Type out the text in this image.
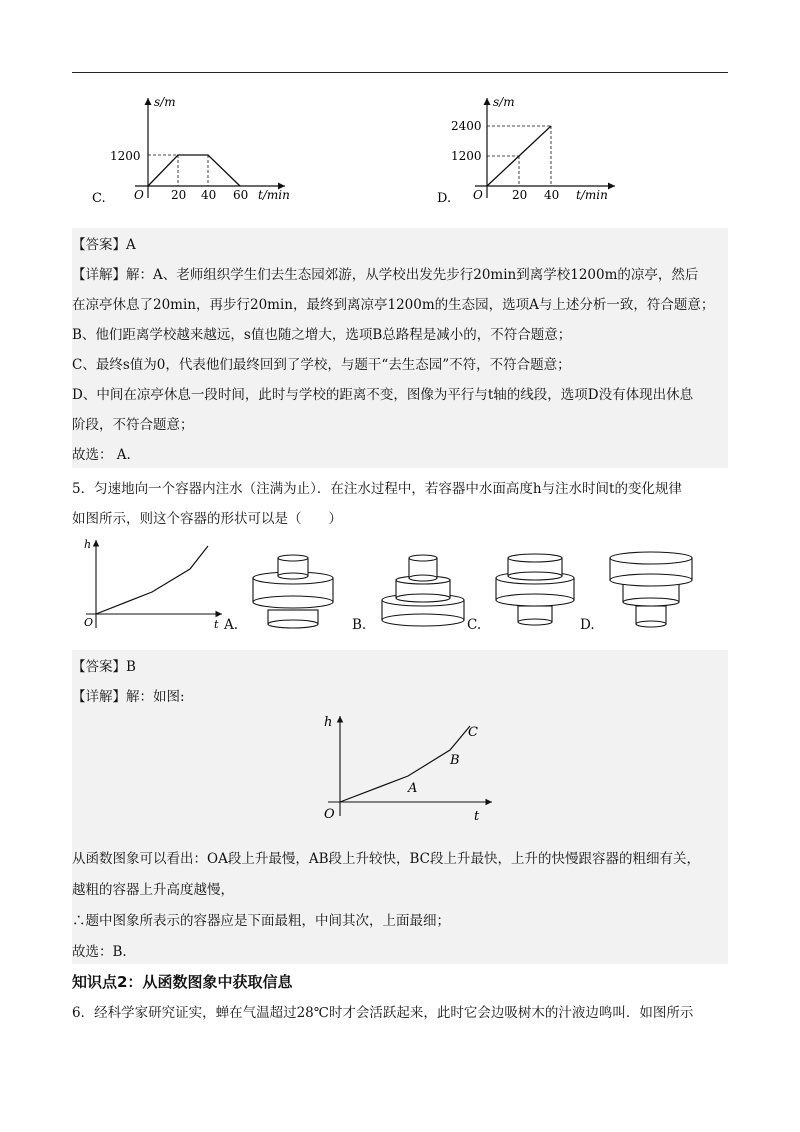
s/m
1200
O 20 40 60 t/min
C.
s/m
2400
1200
O 20 40 t/min
D.
【答案】A
【详解】解：A、老师组织学生们去生态园郊游，从学校出发先步行20min到离学校1200m的凉亭，然后
在凉亭休息了20min，再步行20min，最终到离凉亭1200m的生态园，选项A与上述分析一致，符合题意；
B、他们距离学校越来越远，s值也随之增大，选项B总路程是减小的，不符合题意；
C、最终s值为0，代表他们最终回到了学校，与题干“去生态园”不符，不符合题意；
D、中间在凉亭休息一段时间，此时与学校的距离不变，图像为平行与t轴的线段，选项D没有体现出休息
阶段，不符合题意；
故选： A.
5．匀速地向一个容器内注水（注满为止）．在注水过程中，若容器中水面高度h与注水时间t的变化规律
如图所示，则这个容器的形状可以是（　　）
h
O	t A.	B.	C.	D.
【答案】B
【详解】解：如图:
h
O	t
A
B
C
从函数图象可以看出：OA段上升最慢，AB段上升较快，BC段上升最快，上升的快慢跟容器的粗细有关，
越粗的容器上升高度越慢，
∴题中图象所表示的容器应是下面最粗，中间其次，上面最细；
故选：B.
知识点2：从函数图象中获取信息
6．经科学家研究证实，蝉在气温超过28℃时才会活跃起来，此时它会边吸树木的汁液边鸣叫．如图所示
